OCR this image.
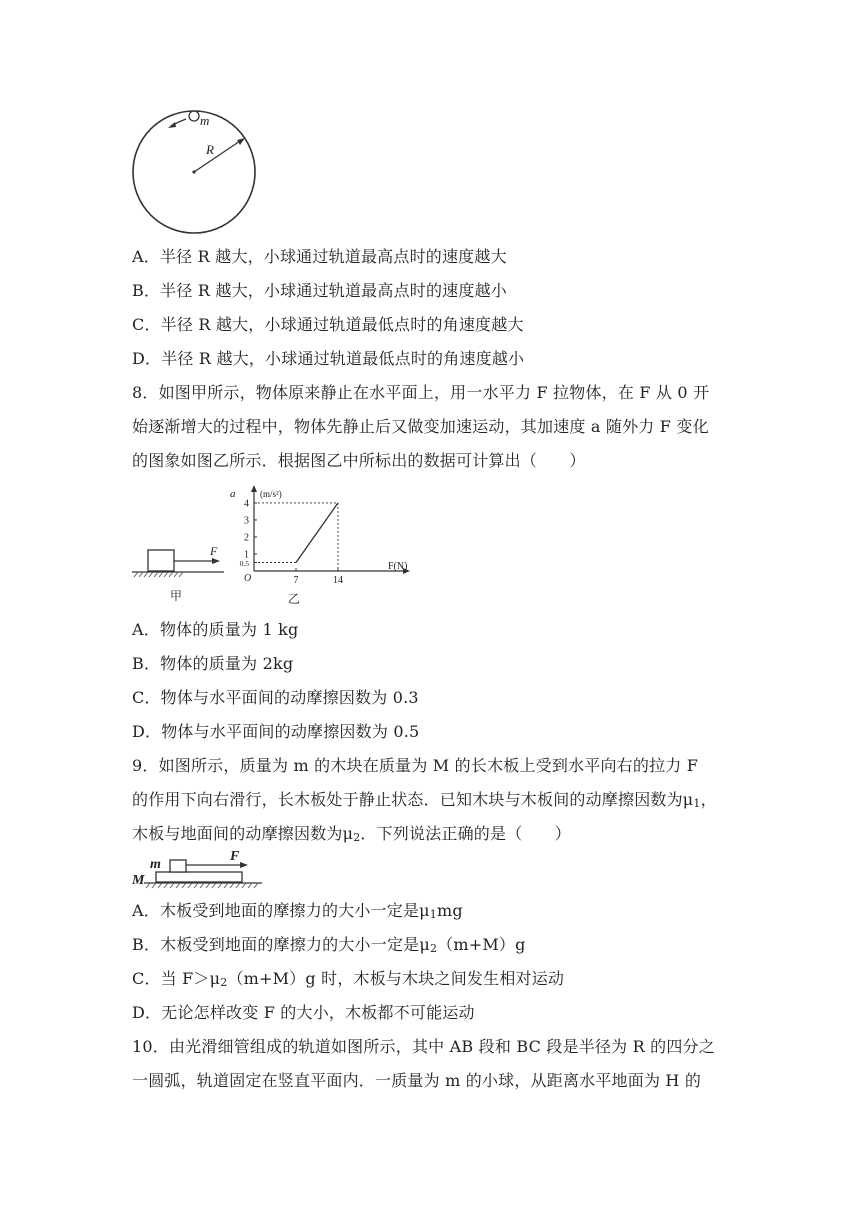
m
R
A．半径 R 越大，小球通过轨道最高点时的速度越大
B．半径 R 越大，小球通过轨道最高点时的速度越小
C．半径 R 越大，小球通过轨道最低点时的角速度越大
D．半径 R 越大，小球通过轨道最低点时的角速度越小
8．如图甲所示，物体原来静止在水平面上，用一水平力 F 拉物体，在 F 从 0 开
始逐渐增大的过程中，物体先静止后又做变加速运动，其加速度 a 随外力 F 变化
的图象如图乙所示．根据图乙中所标出的数据可计算出（　　）
F
甲
a	(m/s²)
F(N)
O
0.5
1
2
3
4
7	14
乙
A．物体的质量为 1 kg
B．物体的质量为 2kg
C．物体与水平面间的动摩擦因数为 0.3
D．物体与水平面间的动摩擦因数为 0.5
9．如图所示，质量为 m 的木块在质量为 M 的长木板上受到水平向右的拉力 F
的作用下向右滑行，长木板处于静止状态．已知木块与木板间的动摩擦因数为μ1，
木板与地面间的动摩擦因数为μ2．下列说法正确的是（　　）
F
m
M
A．木板受到地面的摩擦力的大小一定是μ1mg
B．木板受到地面的摩擦力的大小一定是μ2（m+M）g
C．当 F＞μ2（m+M）g 时，木板与木块之间发生相对运动
D．无论怎样改变 F 的大小，木板都不可能运动
10．由光滑细管组成的轨道如图所示，其中 AB 段和 BC 段是半径为 R 的四分之
一圆弧，轨道固定在竖直平面内．一质量为 m 的小球，从距离水平地面为 H 的
